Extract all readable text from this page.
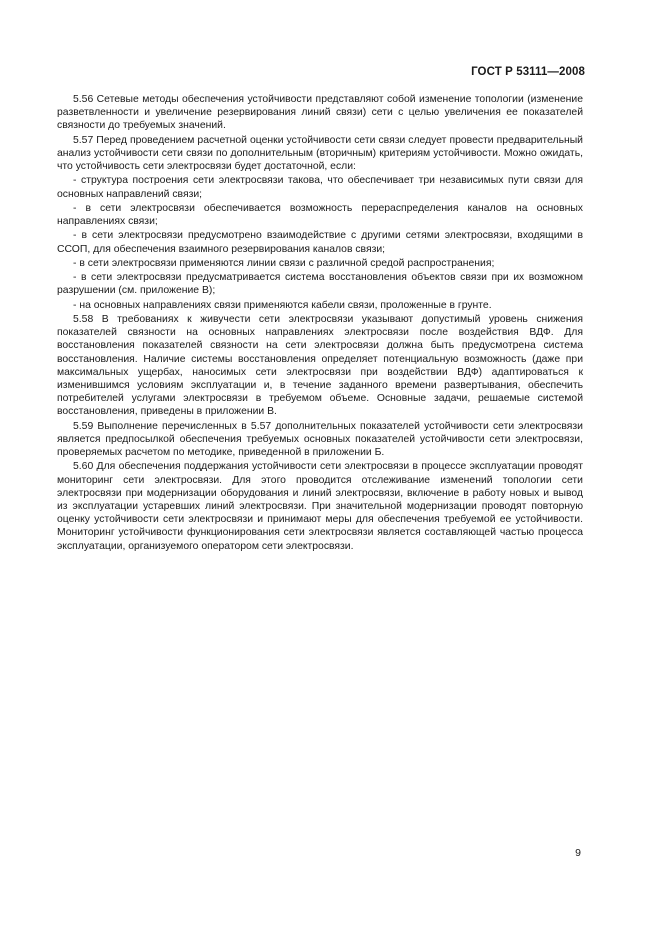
ГОСТ Р 53111—2008

5.56 Сетевые методы обеспечения устойчивости представляют собой изменение топологии (изменение разветвленности и увеличение резервирования линий связи) сети с целью увеличения ее показателей связности до требуемых значений.

5.57 Перед проведением расчетной оценки устойчивости сети связи следует провести предварительный анализ устойчивости сети связи по дополнительным (вторичным) критериям устойчивости. Можно ожидать, что устойчивость сети электросвязи будет достаточной, если:

- структура построения сети электросвязи такова, что обеспечивает три независимых пути связи для основных направлений связи;

- в сети электросвязи обеспечивается возможность перераспределения каналов на основных направлениях связи;

- в сети электросвязи предусмотрено взаимодействие с другими сетями электросвязи, входящими в ССОП, для обеспечения взаимного резервирования каналов связи;

- в сети электросвязи применяются линии связи с различной средой распространения;

- в сети электросвязи предусматривается система восстановления объектов связи при их возможном разрушении (см. приложение В);

- на основных направлениях связи применяются кабели связи, проложенные в грунте.

5.58 В требованиях к живучести сети электросвязи указывают допустимый уровень снижения показателей связности на основных направлениях электросвязи после воздействия ВДФ. Для восстановления показателей связности на сети электросвязи должна быть предусмотрена система восстановления. Наличие системы восстановления определяет потенциальную возможность (даже при максимальных ущербах, наносимых сети электросвязи при воздействии ВДФ) адаптироваться к изменившимся условиям эксплуатации и, в течение заданного времени развертывания, обеспечить потребителей услугами электросвязи в требуемом объеме. Основные задачи, решаемые системой восстановления, приведены в приложении В.

5.59 Выполнение перечисленных в 5.57 дополнительных показателей устойчивости сети электросвязи является предпосылкой обеспечения требуемых основных показателей устойчивости сети электросвязи, проверяемых расчетом по методике, приведенной в приложении Б.

5.60 Для обеспечения поддержания устойчивости сети электросвязи в процессе эксплуатации проводят мониторинг сети электросвязи. Для этого проводится отслеживание изменений топологии сети электросвязи при модернизации оборудования и линий электросвязи, включение в работу новых и вывод из эксплуатации устаревших линий электросвязи. При значительной модернизации проводят повторную оценку устойчивости сети электросвязи и принимают меры для обеспечения требуемой ее устойчивости. Мониторинг устойчивости функционирования сети электросвязи является составляющей частью процесса эксплуатации, организуемого оператором сети электросвязи.

9
